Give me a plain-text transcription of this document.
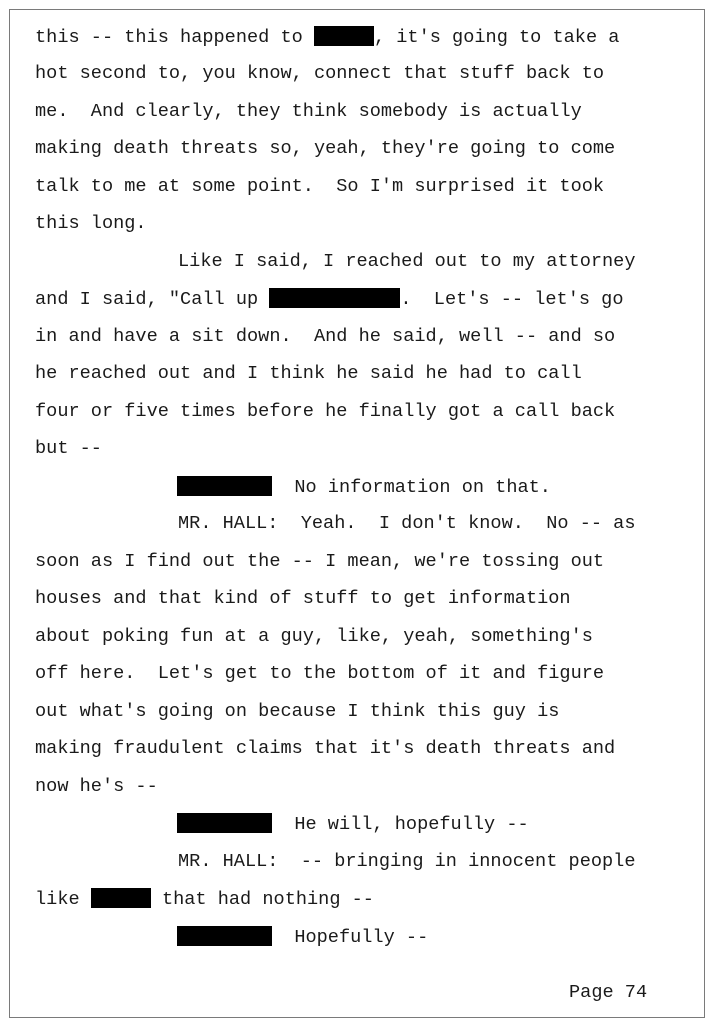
this -- this happened to	, it's going to take a
hot second to, you know, connect that stuff back to
me.  And clearly, they think somebody is actually
making death threats so, yeah, they're going to come
talk to me at some point.  So I'm surprised it took
this long.
Like I said, I reached out to my attorney
and I said, "Call up	.  Let's -- let's go
in and have a sit down.  And he said, well -- and so
he reached out and I think he said he had to call
four or five times before he finally got a call back
but --
No information on that.
MR. HALL:  Yeah.  I don't know.  No -- as
soon as I find out the -- I mean, we're tossing out
houses and that kind of stuff to get information
about poking fun at a guy, like, yeah, something's
off here.  Let's get to the bottom of it and figure
out what's going on because I think this guy is
making fraudulent claims that it's death threats and
now he's --
He will, hopefully --
MR. HALL:  -- bringing in innocent people
like	that had nothing --
Hopefully --
Page 74
